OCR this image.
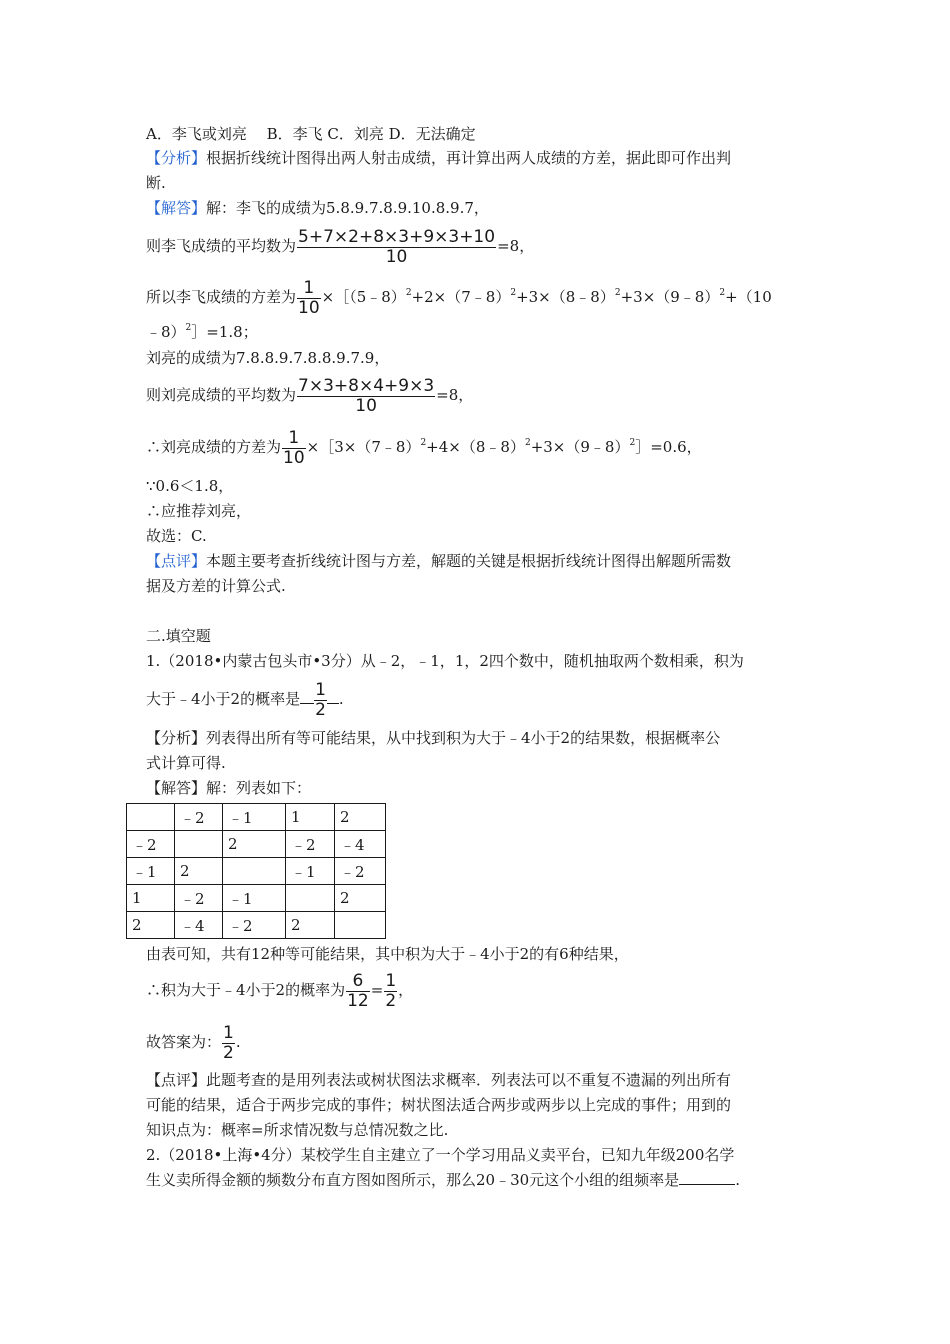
A．李飞或刘亮　 B．李飞 C．刘亮 D．无法确定
【分析】根据折线统计图得出两人射击成绩，再计算出两人成绩的方差，据此即可作出判
断.
【解答】解：李飞的成绩为5.8.9.7.8.9.10.8.9.7，
则李飞成绩的平均数为 $\frac{5+7\times 2+8\times 3+9\times 3+10}{10} =8$，
所以李飞成绩的方差为 $\frac{1}{10}$ ×［（5﹣8）$^2$+2×（7﹣8）$^2$+3×（8﹣8）$^2$+3×（9﹣8）$^2$+（10
﹣8）$^2$］=1.8；
刘亮的成绩为7.8.8.9.7.8.8.9.7.9，
则刘亮成绩的平均数为 $\frac{7\times 3+8\times 4+9\times 3}{10} =8$，
∴刘亮成绩的方差为 $\frac{1}{10}$ ×［3×（7﹣8）$^2$+4×（8﹣8）$^2$+3×（9﹣8）$^2$］=0.6，
∵0.6＜1.8，
∴应推荐刘亮，
故选：C.
【点评】本题主要考查折线统计图与方差，解题的关键是根据折线统计图得出解题所需数
据及方差的计算公式.
二.填空题
1.（2018•内蒙古包头市•3分）从﹣2，﹣1，1，2四个数中，随机抽取两个数相乘，积为
大于﹣4小于2的概率是 $\frac{1}{2}$ .
【分析】列表得出所有等可能结果，从中找到积为大于﹣4小于2的结果数，根据概率公
式计算可得.
【解答】解：列表如下：
	﹣2	﹣1	1	2
﹣2		2	﹣2	﹣4
﹣1	2		﹣1	﹣2
1	﹣2	﹣1		2
2	﹣4	﹣2	2	
由表可知，共有12种等可能结果，其中积为大于﹣4小于2的有6种结果，
∴积为大于﹣4小于2的概率为 $\frac{6}{12} = \frac{1}{2}$ ，
故答案为： $\frac{1}{2}$ .
【点评】此题考查的是用列表法或树状图法求概率．列表法可以不重复不遗漏的列出所有
可能的结果，适合于两步完成的事件；树状图法适合两步或两步以上完成的事件；用到的
知识点为：概率=所求情况数与总情况数之比.
2.（2018•上海•4分）某校学生自主建立了一个学习用品义卖平台，已知九年级200名学
生义卖所得金额的频数分布直方图如图所示，那么20﹣30元这个小组的组频率是	.
